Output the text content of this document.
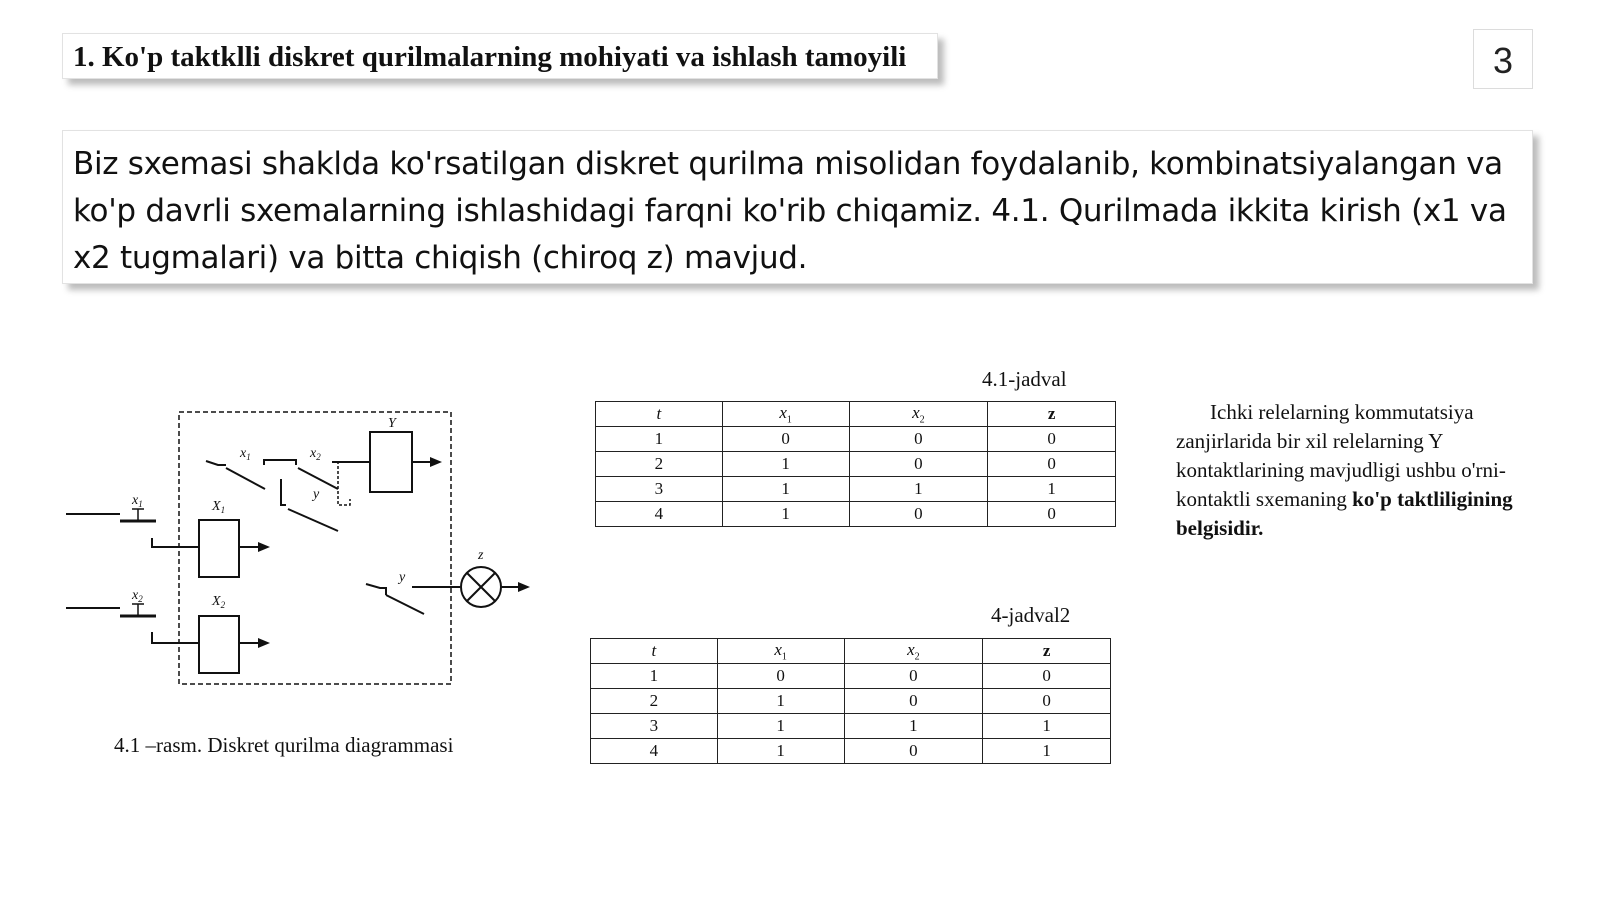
1. Ko'p taktklli diskret qurilmalarning mohiyati va ishlash tamoyili	3

Biz sxemasi shaklda ko'rsatilgan diskret qurilma misolidan foydalanib, kombinatsiyalangan va ko'p davrli sxemalarning ishlashidagi farqni ko'rib chiqamiz. 4.1. Qurilmada ikkita kirish (x1 va x2 tugmalari) va bitta chiqish (chiroq z) mavjud.

$x_1$
$x_2$
$X_1$
$X_2$
$x_1$	$x_2$
y
Y
y
z
4.1 –rasm. Diskret qurilma diagrammasi
4.1-jadval
t	$x_1$	$x_2$	z
1	0	0	0
2	1	0	0
3	1	1	1
4	1	0	0
4-jadval2
t	$x_1$	$x_2$	z
1	0	0	0
2	1	0	0
3	1	1	1
4	1	0	1

Ichki relelarning kommutatsiya zanjirlarida bir xil relelarning Y kontaktlarining mavjudligi ushbu o'rni-kontaktli sxemaning ko'p taktliligining belgisidir.
